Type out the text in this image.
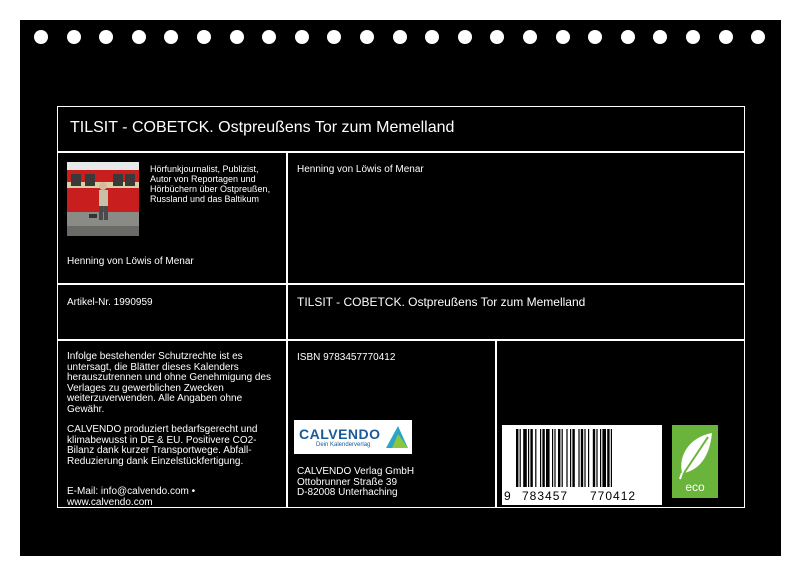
TILSIT - COBETCK. Ostpreußens Tor zum Memelland
Hörfunkjournalist, Publizist,
Autor von Reportagen und
Hörbüchern über Ostpreußen,
Russland und das Baltikum
Henning von Löwis of Menar
Henning von Löwis of Menar
Artikel-Nr. 1990959	TILSIT - COBETCK. Ostpreußens Tor zum Memelland
Infolge bestehender Schutzrechte ist es
untersagt, die Blätter dieses Kalenders
herauszutrennen und ohne Genehmigung des
Verlages zu gewerblichen Zwecken
weiterzuverwenden. Alle Angaben ohne
Gewähr.
CALVENDO produziert bedarfsgerecht und
klimabewusst in DE & EU. Positivere CO2-
Bilanz dank kurzer Transportwege. Abfall-
Reduzierung dank Einzelstückfertigung.
E-Mail: info@calvendo.com •
www.calvendo.com
ISBN 9783457770412
CALVENDO Verlag GmbH
Ottobrunner Straße 39
D-82008 Unterhaching
CALVENDO
Dein Kalenderverlag
9 783457 770412
eco
